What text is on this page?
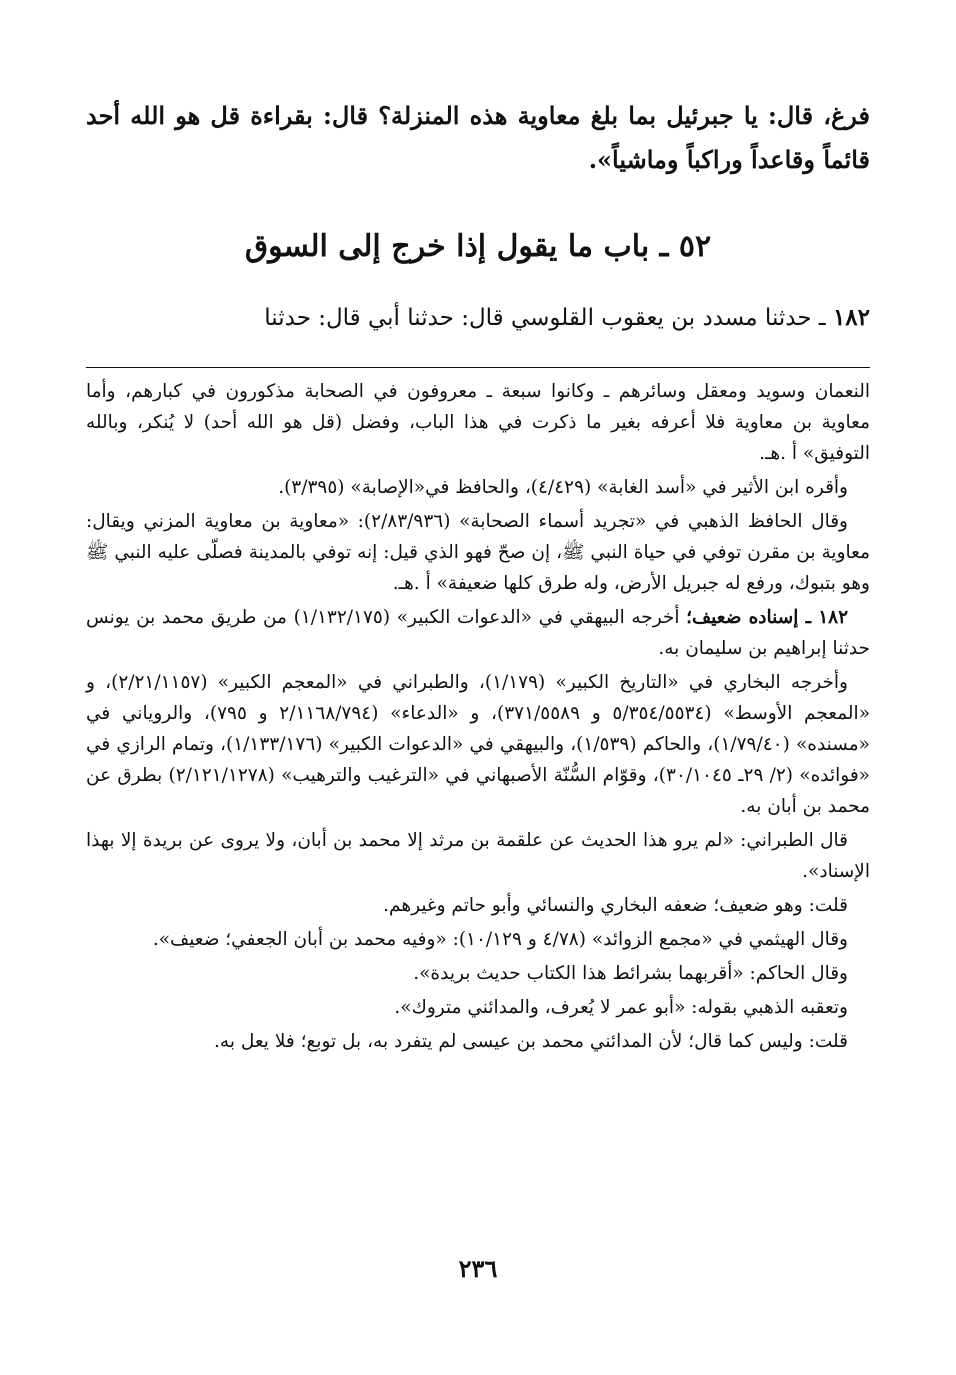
فرغ، قال: يا جبرئيل بما بلغ معاوية هذه المنزلة؟ قال: بقراءة قل هو الله أحد قائماً وقاعداً وراكباً وماشياً».

٥٢ ـ باب ما يقول إذا خرج إلى السوق

١٨٢ ـ حدثنا مسدد بن يعقوب القلوسي قال: حدثنا أبي قال: حدثنا

النعمان وسويد ومعقل وسائرهم ـ وكانوا سبعة ـ معروفون في الصحابة مذكورون في كبارهم، وأما معاوية بن معاوية فلا أعرفه بغير ما ذكرت في هذا الباب، وفضل (قل هو الله أحد) لا يُنكر، وبالله التوفيق» أ .هـ.

وأقره ابن الأثير في «أسد الغابة» (٤/٤٢٩)، والحافظ في«الإصابة» (٣/٣٩٥).

وقال الحافظ الذهبي في «تجريد أسماء الصحابة» (٢/٨٣/٩٣٦): «معاوية بن معاوية المزني ويقال: معاوية بن مقرن توفي في حياة النبي ﷺ، إن صحّ فهو الذي قيل: إنه توفي بالمدينة فصلّى عليه النبي ﷺ وهو بتبوك، ورفع له جبريل الأرض، وله طرق كلها ضعيفة» أ .هـ.

١٨٢ ـ إسناده ضعيف؛ أخرجه البيهقي في «الدعوات الكبير» (١/١٣٢/١٧٥) من طريق محمد بن يونس حدثنا إبراهيم بن سليمان به.

وأخرجه البخاري في «التاريخ الكبير» (١/١٧٩)، والطبراني في «المعجم الكبير» (٢/٢١/١١٥٧)، و «المعجم الأوسط» (٥/٣٥٤/٥٥٣٤ و ٣٧١/٥٥٨٩)، و «الدعاء» (٢/١١٦٨/٧٩٤ و ٧٩٥)، والروياني في «مسنده» (١/٧٩/٤٠)، والحاكم (١/٥٣٩)، والبيهقي في «الدعوات الكبير» (١/١٣٣/١٧٦)، وتمام الرازي في «فوائده» (٢/ ٢٩ـ ٣٠/١٠٤٥)، وقوّام السُّنّة الأصبهاني في «الترغيب والترهيب» (٢/١٢١/١٢٧٨) بطرق عن محمد بن أبان به.

قال الطبراني: «لم يرو هذا الحديث عن علقمة بن مرثد إلا محمد بن أبان، ولا يروى عن بريدة إلا بهذا الإسناد».

قلت: وهو ضعيف؛ ضعفه البخاري والنسائي وأبو حاتم وغيرهم.

وقال الهيثمي في «مجمع الزوائد» (٤/٧٨ و ١٠/١٢٩): «وفيه محمد بن أبان الجعفي؛ ضعيف».

وقال الحاكم: «أقربهما بشرائط هذا الكتاب حديث بريدة».

وتعقبه الذهبي بقوله: «أبو عمر لا يُعرف، والمدائني متروك».

قلت: وليس كما قال؛ لأن المدائني محمد بن عيسى لم يتفرد به، بل توبع؛ فلا يعل به.

٢٣٦
